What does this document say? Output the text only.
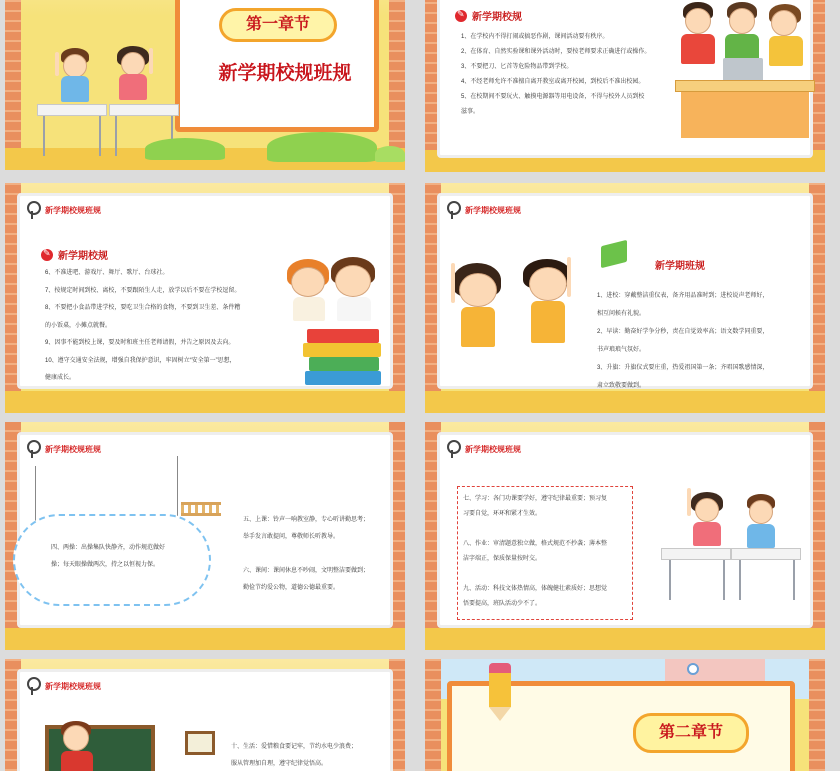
第一章节
新学期校规班规
✎
新学期校规

1、在学校内不得打闹或搞恶作剧，课间活动要有秩序。

2、在体育、自然实验课和课外活动时，要按老师要求正确进行或操作。

3、不要把刀、匕首等危险物品带到学校。

4、不经老师允许不准擅自离开教室或离开校园，到校后不准出校园。

5、在校期间不要玩火、触摸电源器等用电设备，不得与校外人员到校

滋事。

新学期校规班规
✎
新学期校规

6、不准进吧、游戏厅、舞厅、歌厅、台球社。

7、按规定时间到校、离校，不要跟陌生人走，放学以后不要在学校逗留。

8、不要把小食品带进学校，要吃卫生合格的食物，不要到卫生差、条件糟

的小饭桌，小摊点就餐。

9、因事不能到校上课，要及时和班主任老师请假，并告之原因及去向。

10、遵守交通安全法规，增强自我保护意识，牢固树立“安全第一”思想，

健康成长。

新学期校规班规
新学期班规

1、进校：穿戴整洁重仪表，备齐用品准时到；进校说声老师好，

相互问候有礼貌。

2、早读：勤奋好学争分秒，责在自觉效率高；语文数学同重要，

书声琅琅气氛好。

3、升旗：升旗仪式要庄重，热爱祖国第一条；齐唱国歌感情深，

肃立致敬要做到。

新学期校规班规

四、两操：出操集队快静齐，动作规范做好

操；每天眼操做两次，持之以恒视力保。

五、上课：铃声一响教室静，专心听讲勤思考；

举手发言敢提问，尊敬师长听教导。

六、课间：课间休息不吵闹，文明整洁要做到；

勤俭节约爱公物，道德公德最重要。

新学期校规班规

七、学习：各门功课要学好，遵守纪律最重要；预习复

习要自觉，环环和紧才生效。

八、作业：审清题意独立做，格式规范不抄袭；薄本整

洁字端正，保质保量按时交。

九、活动：科技文体热情高，体魄健壮素质好；思想觉

悟要提高，班队活动少不了。

新学期校规班规

十、生活：爱惜粮食要记牢，节约水电少浪费；

服从管理加自理，遵守纪律觉悟高。

第二章节
